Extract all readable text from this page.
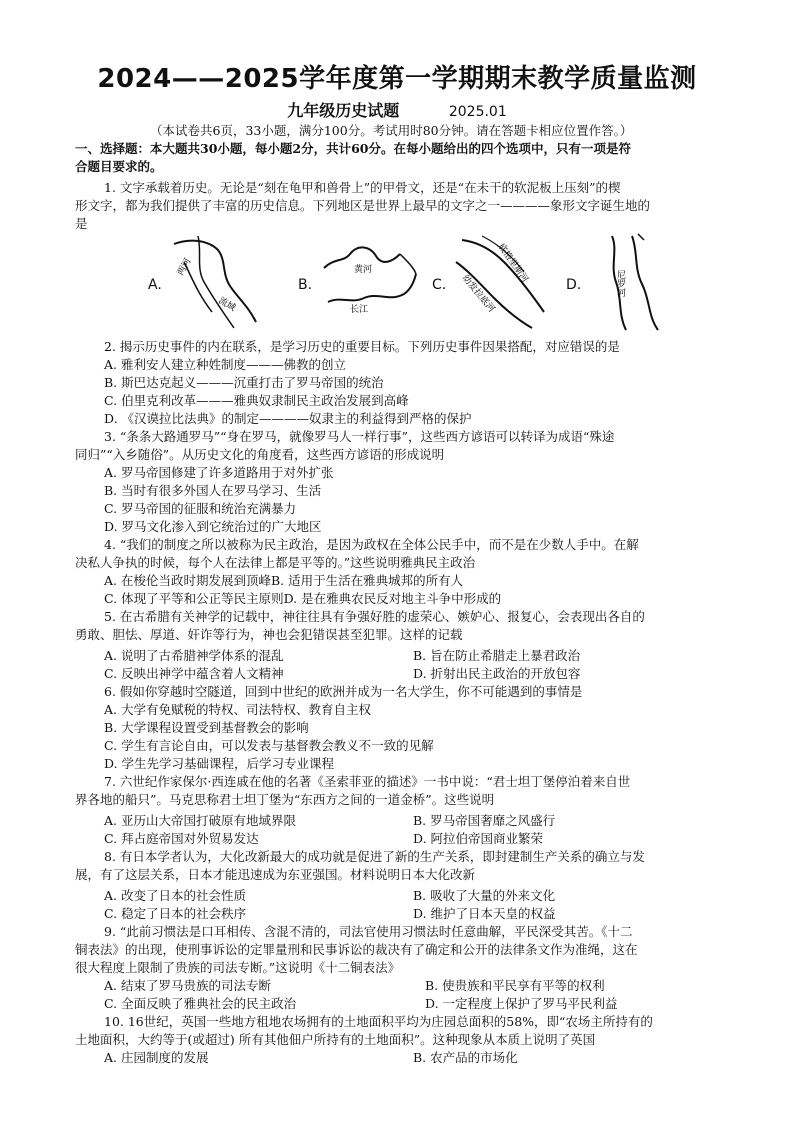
2024——2025学年度第一学期期末教学质量监测
九年级历史试题	2025.01
（本试卷共6页，33小题，满分100分。考试用时80分钟。请在答题卡相应位置作答。）
一、选择题：本大题共30小题，每小题2分，共计60分。在每小题给出的四个选项中，只有一项是符
合题目要求的。
1. 文字承载着历史。无论是“刻在龟甲和兽骨上”的甲骨文，还是“在未干的软泥板上压刻”的楔
形文字，都为我们提供了丰富的历史信息。下列地区是世界上最早的文字之一————象形文字诞生地的
是
2. 揭示历史事件的内在联系，是学习历史的重要目标。下列历史事件因果搭配，对应错误的是
A. 雅利安人建立种姓制度———佛教的创立
B. 斯巴达克起义———沉重打击了罗马帝国的统治
C. 伯里克利改革———雅典奴隶制民主政治发展到高峰
D. 《汉谟拉比法典》的制定————奴隶主的利益得到严格的保护
3. “条条大路通罗马”“身在罗马，就像罗马人一样行事”，这些西方谚语可以转译为成语“殊途
同归”“入乡随俗”。从历史文化的角度看，这些西方谚语的形成说明
A. 罗马帝国修建了许多道路用于对外扩张
B. 当时有很多外国人在罗马学习、生活
C. 罗马帝国的征服和统治充满暴力
D. 罗马文化渗入到它统治过的广大地区
4. “我们的制度之所以被称为民主政治，是因为政权在全体公民手中，而不是在少数人手中。在解
决私人争执的时候，每个人在法律上都是平等的。”这些说明雅典民主政治
A. 在梭伦当政时期发展到顶峰B. 适用于生活在雅典城邦的所有人
C. 体现了平等和公正等民主原则D. 是在雅典农民反对地主斗争中形成的
5. 在古希腊有关神学的记载中，神往往具有争强好胜的虚荣心、嫉妒心、报复心，会表现出各自的
勇敢、胆怯、厚道、奸诈等行为，神也会犯错误甚至犯罪。这样的记载
A. 说明了古希腊神学体系的混乱	B. 旨在防止希腊走上暴君政治
C. 反映出神学中蕴含着人文精神	D. 折射出民主政治的开放包容
6. 假如你穿越时空隧道，回到中世纪的欧洲并成为一名大学生，你不可能遇到的事情是
A. 大学有免赋税的特权、司法特权、教育自主权
B. 大学课程设置受到基督教会的影响
C. 学生有言论自由，可以发表与基督教会教义不一致的见解
D. 学生先学习基础课程，后学习专业课程
7. 六世纪作家保尔·西连戚在他的名著《圣索菲亚的描述》一书中说：“君士坦丁堡停泊着来自世
界各地的船只”。马克思称君士坦丁堡为“东西方之间的一道金桥”。这些说明
A. 亚历山大帝国打破原有地域界限	B. 罗马帝国奢靡之风盛行
C. 拜占庭帝国对外贸易发达	D. 阿拉伯帝国商业繁荣
8. 有日本学者认为，大化改新最大的成功就是促进了新的生产关系，即封建制生产关系的确立与发
展，有了这层关系，日本才能迅速成为东亚强国。材料说明日本大化改新
A. 改变了日本的社会性质	B. 吸收了大量的外来文化
C. 稳定了日本的社会秩序	D. 维护了日本天皇的权益
9. “此前习惯法是口耳相传、含混不清的，司法官使用习惯法时任意曲解，平民深受其苦。《十二
铜表法》的出现，使刑事诉讼的定罪量刑和民事诉讼的裁决有了确定和公开的法律条文作为准绳，这在
很大程度上限制了贵族的司法专断。”这说明《十二铜表法》
A. 结束了罗马贵族的司法专断	B. 使贵族和平民享有平等的权利
C. 全面反映了雅典社会的民主政治	D. 一定程度上保护了罗马平民利益
10. 16世纪，英国一些地方租地农场拥有的土地面积平均为庄园总面积的58%，即“农场主所持有的
土地面积，大约等于(或超过) 所有其他佃户所持有的土地面积”。这种现象从本质上说明了英国
A. 庄园制度的发展	B. 农产品的市场化
A.
两河
流域
B.
黄河
长江
C.
底格里斯河
幼发拉底河	D.	尼罗河
